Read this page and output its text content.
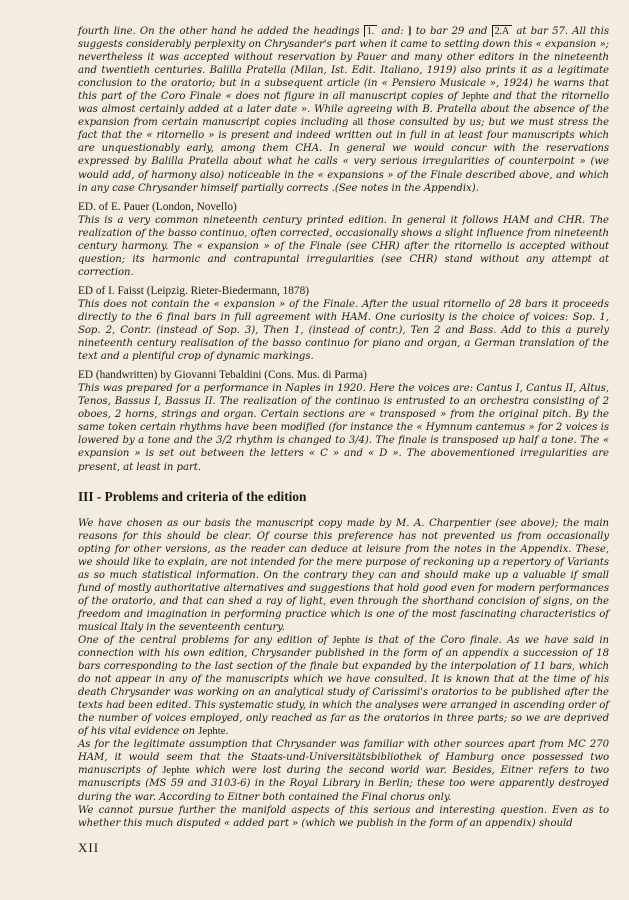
fourth line. On the other hand he added the headings 1. and: ] to bar 29 and 2.A at bar 57. All this suggests considerably perplexity on Chrysander's part when it came to setting down this « expansion »; nevertheless it was accepted without reservation by Pauer and many other editors in the nineteenth and twentieth centuries. Balilla Pratella (Milan, Ist. Edit. Italiano, 1919) also prints it as a legitimate conclusion to the oratorio; but in a subsequent article (in « Pensiero Musicale », 1924) he warns that this part of the Coro Finale « does not figure in all manuscript copies of Jephte and that the ritornello was almost certainly added at a later date ». While agreeing with B. Pratella about the absence of the expansion from certain manuscript copies including all those consulted by us; but we must stress the fact that the « ritornello » is present and indeed written out in full in at least four manuscripts which are unquestionably early, among them CHA. In general we would concur with the reservations expressed by Balilla Pratella about what he calls « very serious irregularities of counterpoint » (we would add, of harmony also) noticeable in the « expansions » of the Finale described above, and which in any case Chrysander himself partially corrects .(See notes in the Appendix).

ED. of E. Pauer (London, Novello)

This is a very common nineteenth century printed edition. In general it follows HAM and CHR. The realization of the basso continuo, often corrected, occasionally shows a slight influence from nineteenth century harmony. The « expansion » of the Finale (see CHR) after the ritornello is accepted without question; its harmonic and contrapuntal irregularities (see CHR) stand without any attempt at correction.

ED of I. Faisst (Leipzig. Rieter-Biedermann, 1878)

This does not contain the « expansion » of the Finale. After the usual ritornello of 28 bars it proceeds directly to the 6 final bars in full agreement with HAM. One curiosity is the choice of voices: Sop. 1, Sop. 2, Contr. (instead of Sop. 3), Then 1, (instead of contr.), Ten 2 and Bass. Add to this a purely nineteenth century realisation of the basso continuo for piano and organ, a German translation of the text and a plentiful crop of dynamic markings.

ED (handwritten) by Giovanni Tebaldini (Cons. Mus. di Parma)

This was prepared for a performance in Naples in 1920. Here the voices are: Cantus I, Cantus II, Altus, Tenos, Bassus I, Bassus II. The realization of the continuo is entrusted to an orchestra consisting of 2 oboes, 2 horns, strings and organ. Certain sections are « transposed » from the original pitch. By the same token certain rhythms have been modified (for instance the « Hymnum cantemus » for 2 voices is lowered by a tone and the 3/2 rhythm is changed to 3/4). The finale is transposed up half a tone. The « expansion » is set out between the letters « C » and « D ». The abovementioned irregularities are present, at least in part.

III - Problems and criteria of the edition

We have chosen as our basis the manuscript copy made by M. A. Charpentier (see above); the main reasons for this should be clear. Of course this preference has not prevented us from occasionally opting for other versions, as the reader can deduce at leisure from the notes in the Appendix. These, we should like to explain, are not intended for the mere purpose of reckoning up a repertory of Variants as so much statistical information. On the contrary they can and should make up a valuable if small fund of mostly authoritative alternatives and suggestions that hold good even for modern performances of the oratorio, and that can shed a ray of light, even through the shorthand concision of signs, on the freedom and imagination in performing practice which is one of the most fascinating characteristics of musical Italy in the seventeenth century.

One of the central problems for any edition of Jephte is that of the Coro finale. As we have said in connection with his own edition, Chrysander published in the form of an appendix a succession of 18 bars corresponding to the last section of the finale but expanded by the interpolation of 11 bars, which do not appear in any of the manuscripts which we have consulted. It is known that at the time of his death Chrysander was working on an analytical study of Carissimi's oratorios to be published after the texts had been edited. This systematic study, in which the analyses were arranged in ascending order of the number of voices employed, only reached as far as the oratorios in three parts; so we are deprived of his vital evidence on Jephte.

As for the legitimate assumption that Chrysander was familiar with other sources apart from MC 270 HAM, it would seem that the Staats-und-Universitätsbibliothek of Hamburg once possessed two manuscripts of Jephte which were lost during the second world war. Besides, Eitner refers to two manuscripts (MS 59 and 3103-6) in the Royal Library in Berlin; these too were apparently destroyed during the war. According to Eitner both contained the Final chorus only.

We cannot pursue further the manifold aspects of this serious and interesting question. Even as to whether this much disputed « added part » (which we publish in the form of an appendix) should

XII
